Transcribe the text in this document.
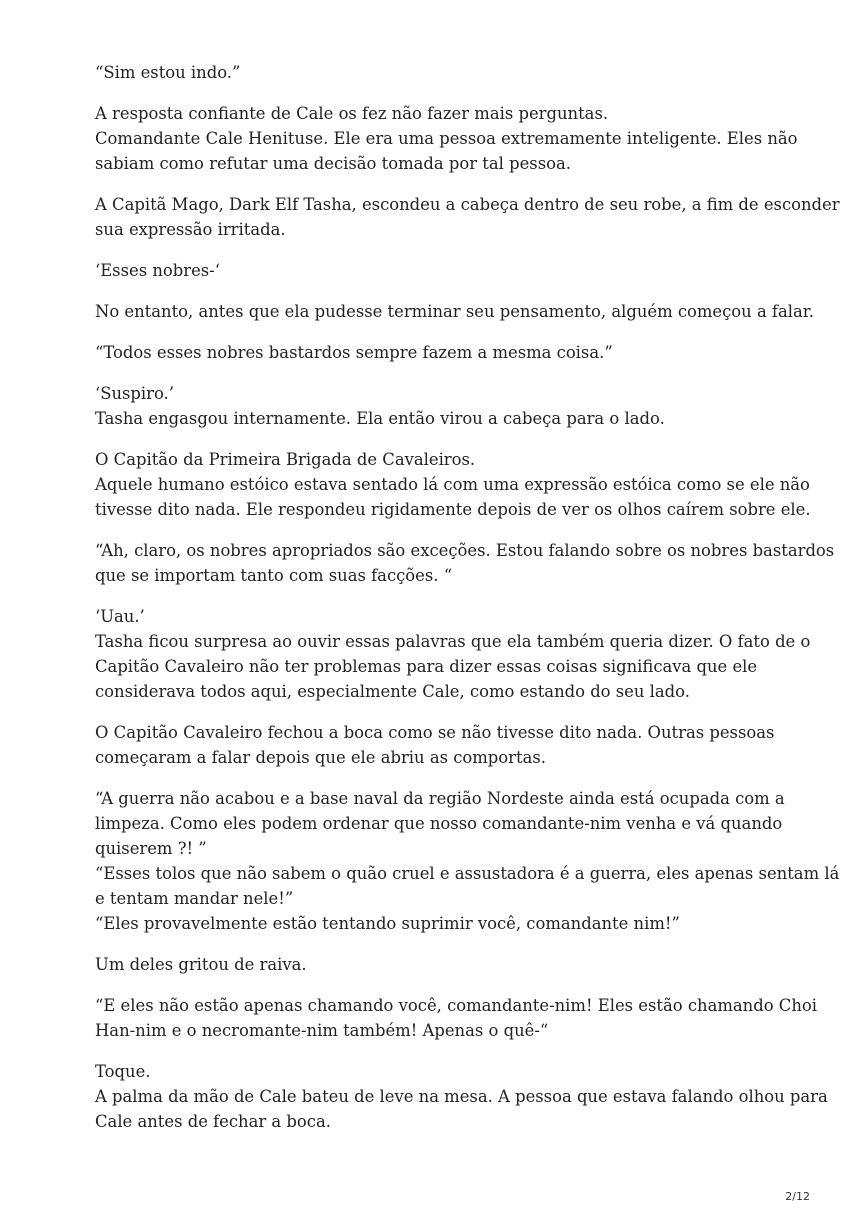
“Sim estou indo.”
A resposta confiante de Cale os fez não fazer mais perguntas.
Comandante Cale Henituse. Ele era uma pessoa extremamente inteligente. Eles não
sabiam como refutar uma decisão tomada por tal pessoa.
A Capitã Mago, Dark Elf Tasha, escondeu a cabeça dentro de seu robe, a fim de esconder
sua expressão irritada.
‘Esses nobres-‘
No entanto, antes que ela pudesse terminar seu pensamento, alguém começou a falar.
“Todos esses nobres bastardos sempre fazem a mesma coisa.”
‘Suspiro.’
Tasha engasgou internamente. Ela então virou a cabeça para o lado.
O Capitão da Primeira Brigada de Cavaleiros.
Aquele humano estóico estava sentado lá com uma expressão estóica como se ele não
tivesse dito nada. Ele respondeu rigidamente depois de ver os olhos caírem sobre ele.
“Ah, claro, os nobres apropriados são exceções. Estou falando sobre os nobres bastardos
que se importam tanto com suas facções. “
‘Uau.’
Tasha ficou surpresa ao ouvir essas palavras que ela também queria dizer. O fato de o
Capitão Cavaleiro não ter problemas para dizer essas coisas significava que ele
considerava todos aqui, especialmente Cale, como estando do seu lado.
O Capitão Cavaleiro fechou a boca como se não tivesse dito nada. Outras pessoas
começaram a falar depois que ele abriu as comportas.
“A guerra não acabou e a base naval da região Nordeste ainda está ocupada com a
limpeza. Como eles podem ordenar que nosso comandante-nim venha e vá quando
quiserem ?! ”
“Esses tolos que não sabem o quão cruel e assustadora é a guerra, eles apenas sentam lá
e tentam mandar nele!”
“Eles provavelmente estão tentando suprimir você, comandante nim!”
Um deles gritou de raiva.
“E eles não estão apenas chamando você, comandante-nim! Eles estão chamando Choi
Han-nim e o necromante-nim também! Apenas o quê-“
Toque.
A palma da mão de Cale bateu de leve na mesa. A pessoa que estava falando olhou para
Cale antes de fechar a boca.
2/12
